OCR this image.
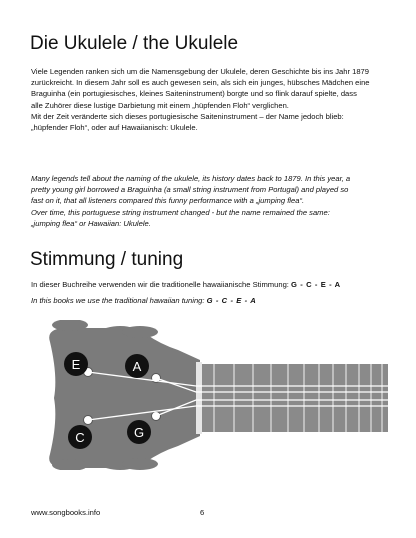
Die Ukulele / the Ukulele

Viele Legenden ranken sich um die Namensgebung der Ukulele, deren Geschichte bis ins Jahr 1879
zurückreicht. In diesem Jahr soll es auch gewesen sein, als sich ein junges, hübsches Mädchen eine
Braguinha (ein portugiesisches, kleines Saiteninstrument) borgte und so flink darauf spielte, dass
alle Zuhörer diese lustige Darbietung mit einem „hüpfenden Floh“ verglichen.
Mit der Zeit veränderte sich dieses portugiesische Saiteninstrument – der Name jedoch blieb:
„hüpfender Floh“, oder auf Hawaiianisch: Ukulele.

Many legends tell about the naming of the ukulele, its history dates back to 1879. In this year, a
pretty young girl borrowed a Braguinha (a small string instrument from Portugal) and played so
fast on it, that all listeners compared this funny performance with a „jumping flea“.
Over time, this portuguese string instrument changed - but the name remained the same:
„jumping flea“ or Hawaiian: Ukulele.

Stimmung / tuning
In dieser Buchreihe verwenden wir die traditionelle hawaiianische Stimmung: G - C - E - A
In this books we use the traditional hawaiian tuning: G - C - E - A
E	A
C	G
www.songbooks.info	6
